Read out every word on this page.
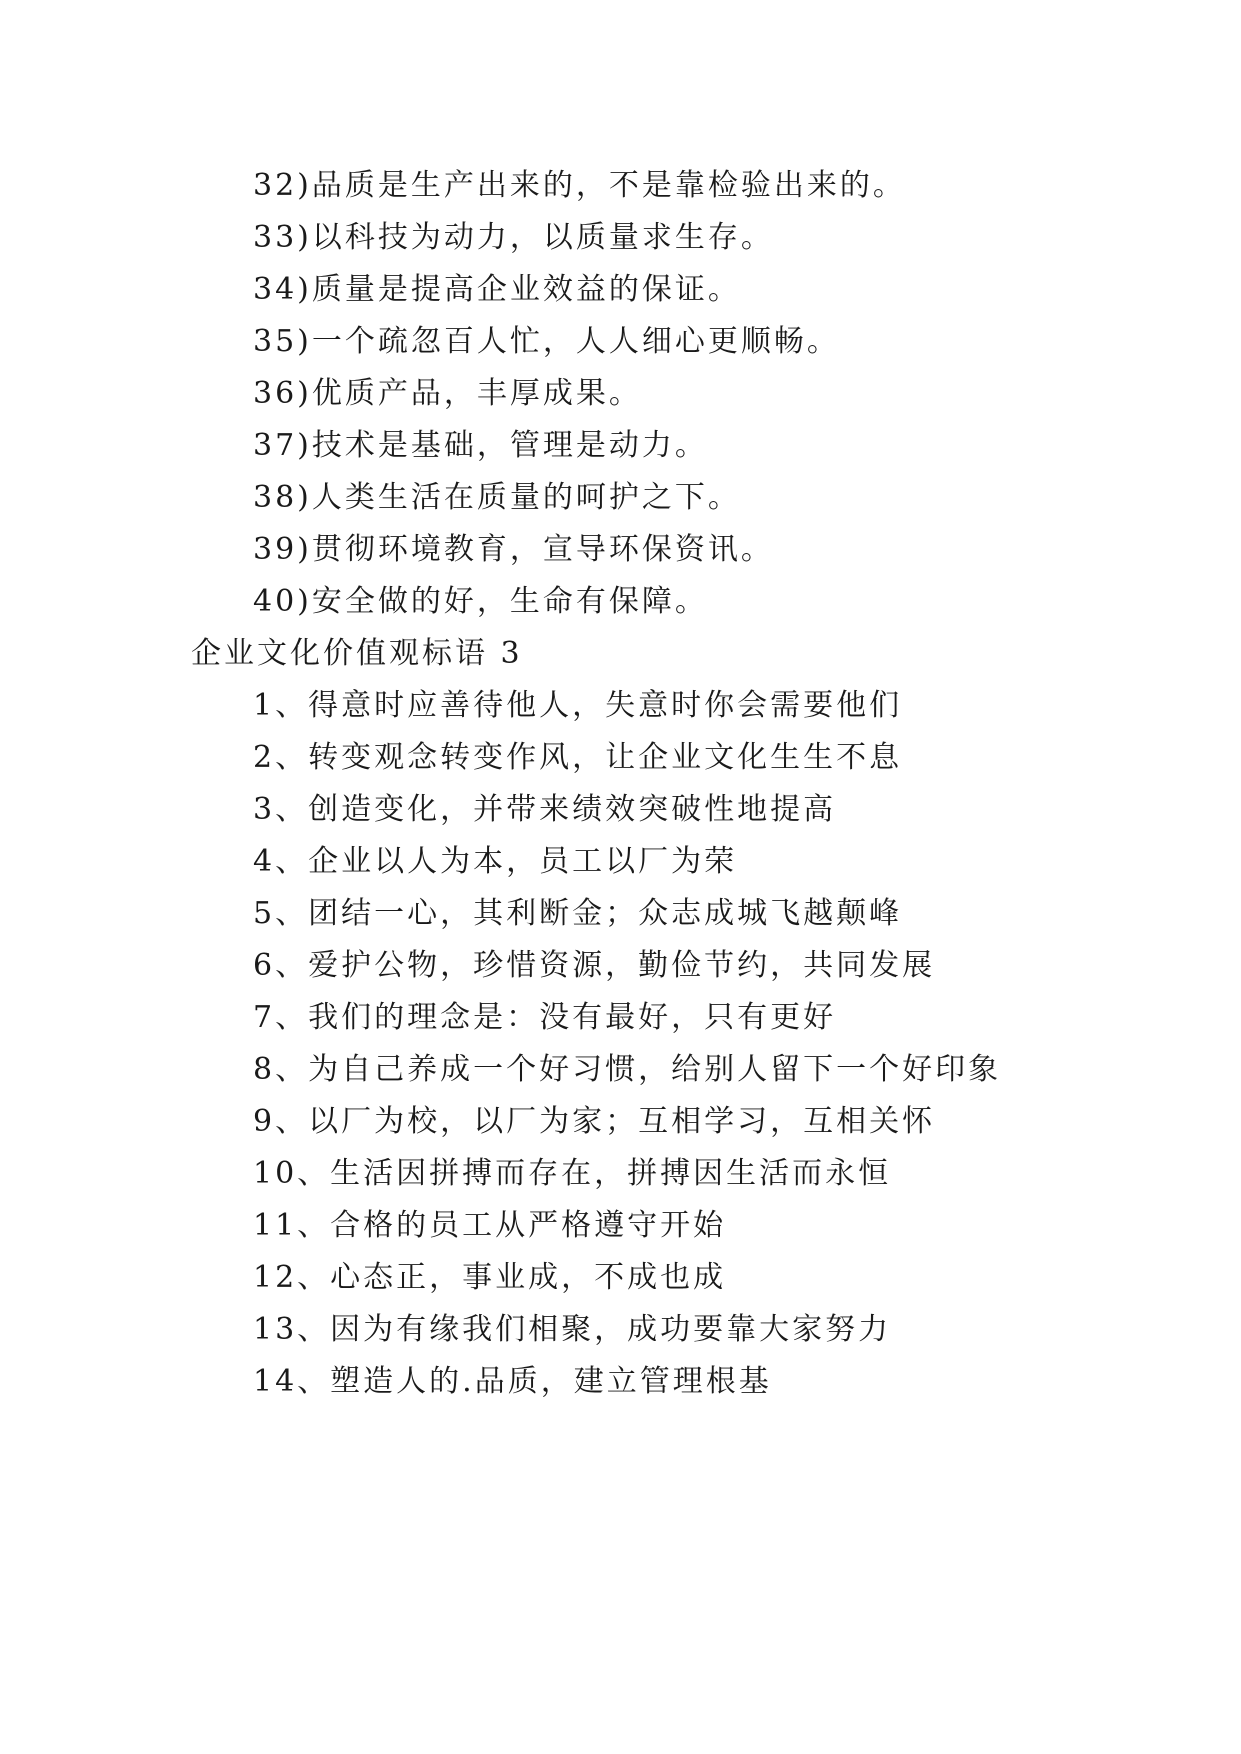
32)品质是生产出来的，不是靠检验出来的。
33)以科技为动力，以质量求生存。
34)质量是提高企业效益的保证。
35)一个疏忽百人忙，人人细心更顺畅。
36)优质产品，丰厚成果。
37)技术是基础，管理是动力。
38)人类生活在质量的呵护之下。
39)贯彻环境教育，宣导环保资讯。
40)安全做的好，生命有保障。
企业文化价值观标语 3
1、得意时应善待他人，失意时你会需要他们
2、转变观念转变作风，让企业文化生生不息
3、创造变化，并带来绩效突破性地提高
4、企业以人为本，员工以厂为荣
5、团结一心，其利断金；众志成城飞越颠峰
6、爱护公物，珍惜资源，勤俭节约，共同发展
7、我们的理念是：没有最好，只有更好
8、为自己养成一个好习惯，给别人留下一个好印象
9、以厂为校，以厂为家；互相学习，互相关怀
10、生活因拼搏而存在，拼搏因生活而永恒
11、合格的员工从严格遵守开始
12、心态正，事业成，不成也成
13、因为有缘我们相聚，成功要靠大家努力
14、塑造人的.品质，建立管理根基
